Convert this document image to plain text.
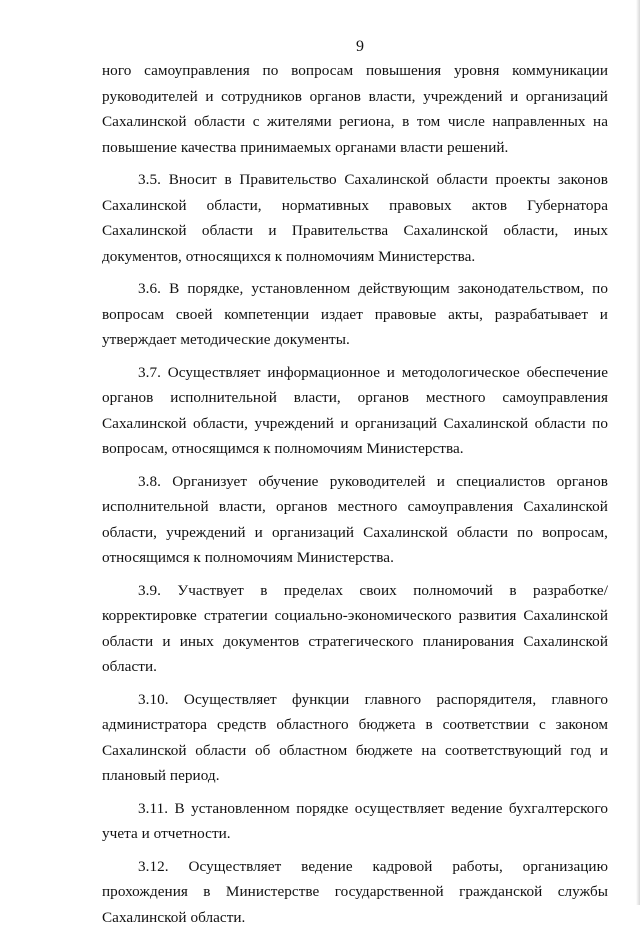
9

ного самоуправления по вопросам повышения уровня коммуникации руководителей и сотрудников органов власти, учреждений и организаций Сахалинской области с жителями региона, в том числе направленных на повышение качества принимаемых органами власти решений.

3.5. Вносит в Правительство Сахалинской области проекты законов Сахалинской области, нормативных правовых актов Губернатора Сахалинской области и Правительства Сахалинской области, иных документов, относящихся к полномочиям Министерства.

3.6. В порядке, установленном действующим законодательством, по вопросам своей компетенции издает правовые акты, разрабатывает и утверждает методические документы.

3.7. Осуществляет информационное и методологическое обеспечение органов исполнительной власти, органов местного самоуправления Сахалинской области, учреждений и организаций Сахалинской области по вопросам, относящимся к полномочиям Министерства.

3.8. Организует обучение руководителей и специалистов органов исполнительной власти, органов местного самоуправления Сахалинской области, учреждений и организаций Сахалинской области по вопросам, относящимся к полномочиям Министерства.

3.9. Участвует в пределах своих полномочий в разработке/корректировке стратегии социально-экономического развития Сахалинской области и иных документов стратегического планирования Сахалинской области.

3.10. Осуществляет функции главного распорядителя, главного администратора средств областного бюджета в соответствии с законом Сахалинской области об областном бюджете на соответствующий год и плановый период.

3.11. В установленном порядке осуществляет ведение бухгалтерского учета и отчетности.

3.12. Осуществляет ведение кадровой работы, организацию прохождения в Министерстве государственной гражданской службы Сахалинской области.
